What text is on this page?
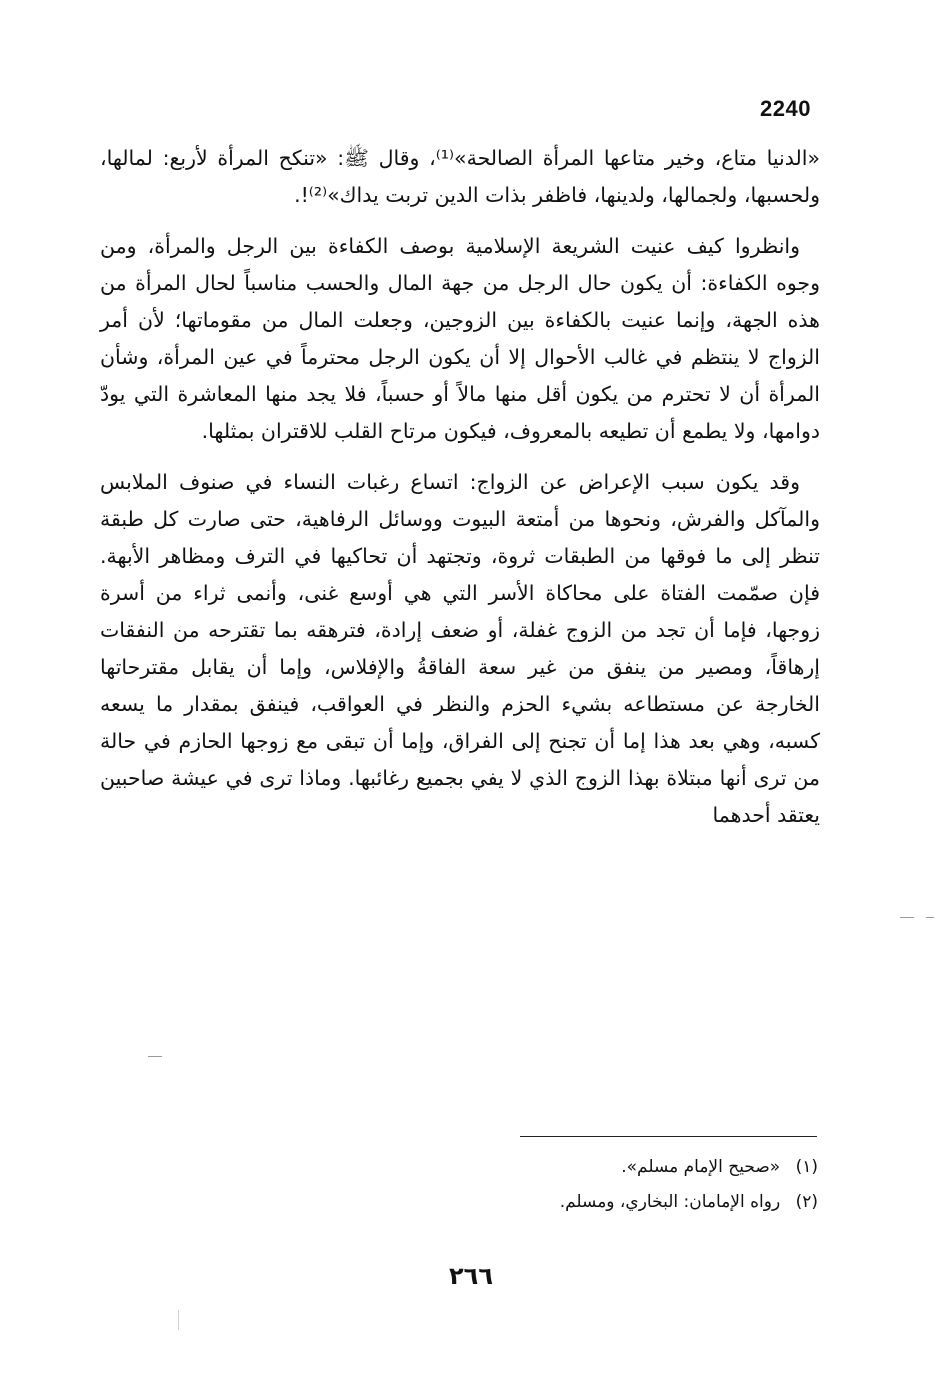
2240

«الدنيا متاع، وخير متاعها المرأة الصالحة»⁽¹⁾، وقال ﷺ: «تنكح المرأة لأربع: لمالها، ولحسبها، ولجمالها، ولدينها، فاظفر بذات الدين تربت يداك»⁽²⁾!.

وانظروا كيف عنيت الشريعة الإسلامية بوصف الكفاءة بين الرجل والمرأة، ومن وجوه الكفاءة: أن يكون حال الرجل من جهة المال والحسب مناسباً لحال المرأة من هذه الجهة، وإنما عنيت بالكفاءة بين الزوجين، وجعلت المال من مقوماتها؛ لأن أمر الزواج لا ينتظم في غالب الأحوال إلا أن يكون الرجل محترماً في عين المرأة، وشأن المرأة أن لا تحترم من يكون أقل منها مالاً أو حسباً، فلا يجد منها المعاشرة التي يودّ دوامها، ولا يطمع أن تطيعه بالمعروف، فيكون مرتاح القلب للاقتران بمثلها.

وقد يكون سبب الإعراض عن الزواج: اتساع رغبات النساء في صنوف الملابس والمآكل والفرش، ونحوها من أمتعة البيوت ووسائل الرفاهية، حتى صارت كل طبقة تنظر إلى ما فوقها من الطبقات ثروة، وتجتهد أن تحاكيها في الترف ومظاهر الأبهة. فإن صمّمت الفتاة على محاكاة الأسر التي هي أوسع غنى، وأنمى ثراء من أسرة زوجها، فإما أن تجد من الزوج غفلة، أو ضعف إرادة، فترهقه بما تقترحه من النفقات إرهاقاً، ومصير من ينفق من غير سعة الفاقةُ والإفلاس، وإما أن يقابل مقترحاتها الخارجة عن مستطاعه بشيء الحزم والنظر في العواقب، فينفق بمقدار ما يسعه كسبه، وهي بعد هذا إما أن تجنح إلى الفراق، وإما أن تبقى مع زوجها الحازم في حالة من ترى أنها مبتلاة بهذا الزوج الذي لا يفي بجميع رغائبها. وماذا ترى في عيشة صاحبين يعتقد أحدهما

(١) «صحيح الإمام مسلم».

(٢) رواه الإمامان: البخاري، ومسلم.

٢٦٦
